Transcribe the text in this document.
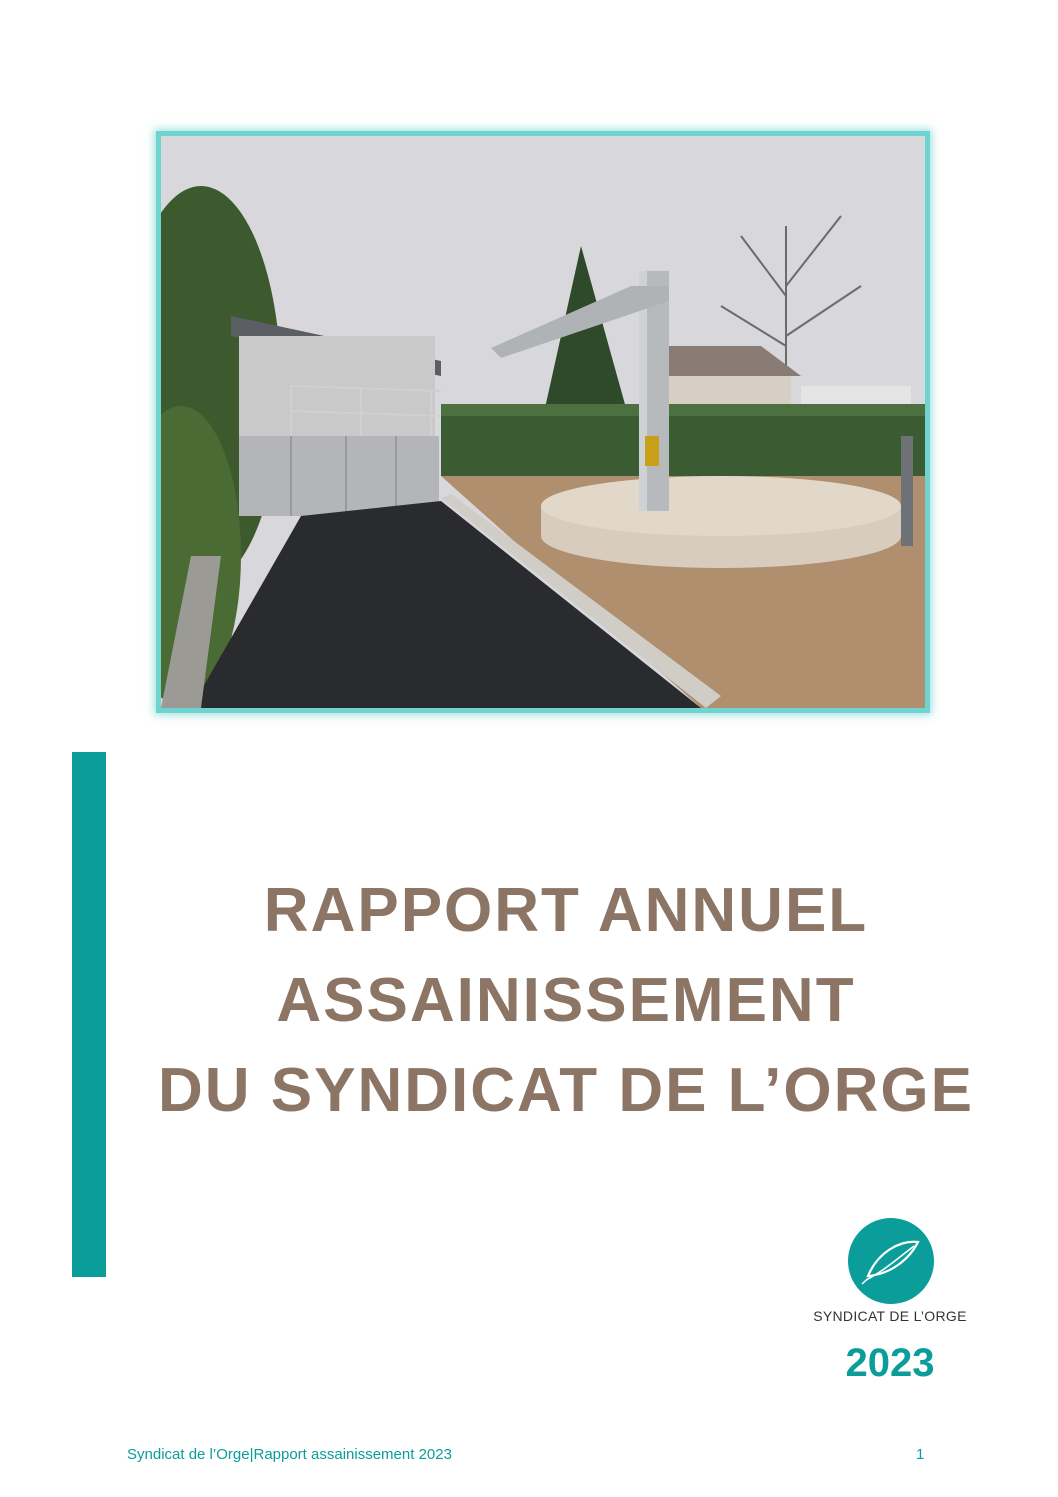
RAPPORT ANNUEL
ASSAINISSEMENT
DU SYNDICAT DE L’ORGE
SYNDICAT DE L’ORGE
2023
Syndicat de l’Orge|Rapport assainissement 2023	1
